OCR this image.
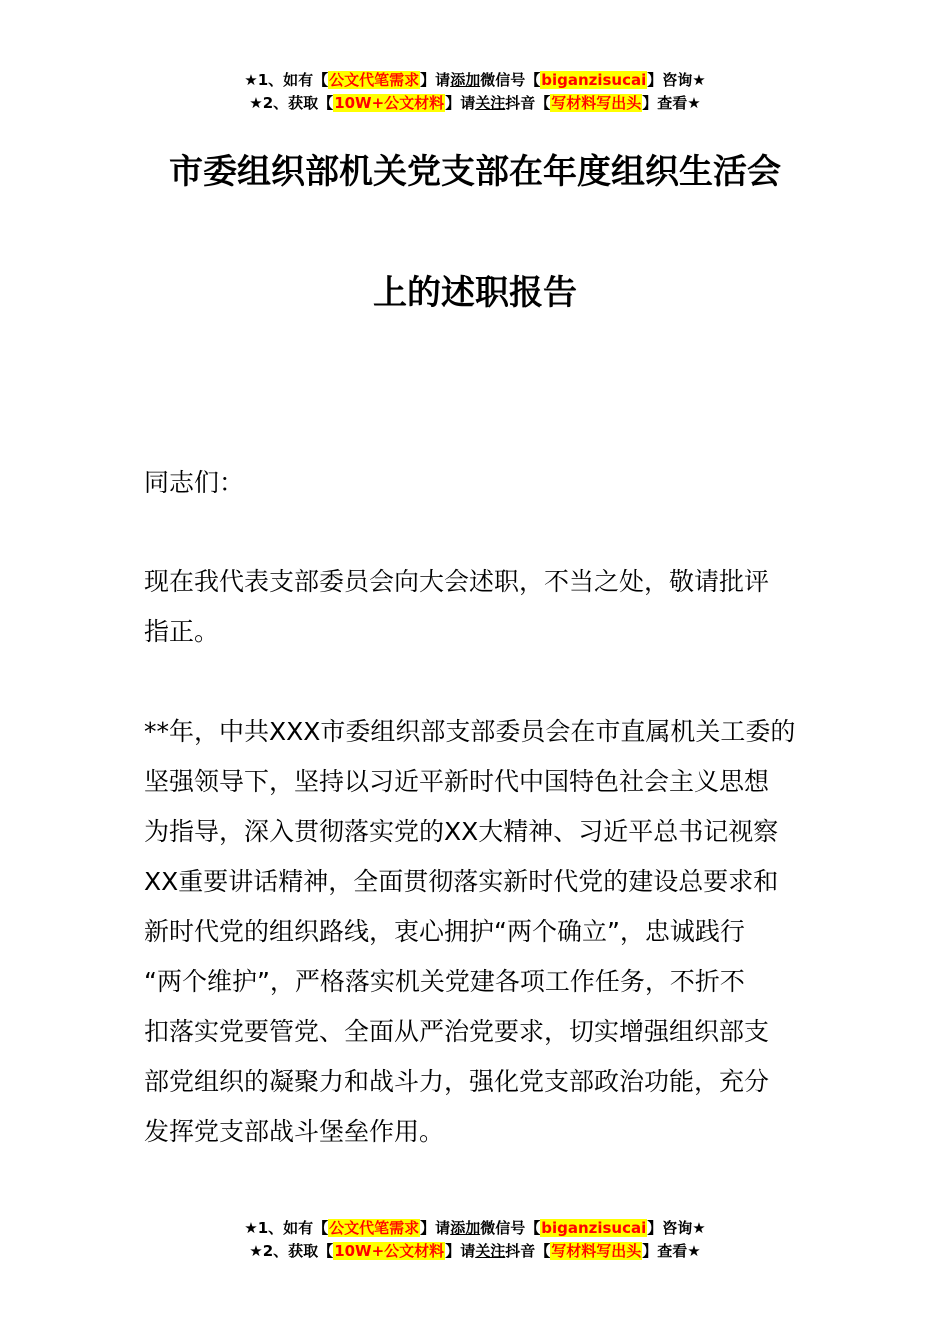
★1、如有【公文代笔需求】请添加微信号【biganzisucai】咨询★
★2、获取【10W+公文材料】请关注抖音【写材料写出头】查看★
市委组织部机关党支部在年度组织生活会
上的述职报告
同志们：
现在我代表支部委员会向大会述职，不当之处，敬请批评
指正。
**年，中共XXX市委组织部支部委员会在市直属机关工委的
坚强领导下，坚持以习近平新时代中国特色社会主义思想
为指导，深入贯彻落实党的XX大精神、习近平总书记视察
XX重要讲话精神，全面贯彻落实新时代党的建设总要求和
新时代党的组织路线，衷心拥护“两个确立”，忠诚践行
“两个维护”，严格落实机关党建各项工作任务，不折不
扣落实党要管党、全面从严治党要求，切实增强组织部支
部党组织的凝聚力和战斗力，强化党支部政治功能，充分
发挥党支部战斗堡垒作用。
★1、如有【公文代笔需求】请添加微信号【biganzisucai】咨询★
★2、获取【10W+公文材料】请关注抖音【写材料写出头】查看★
